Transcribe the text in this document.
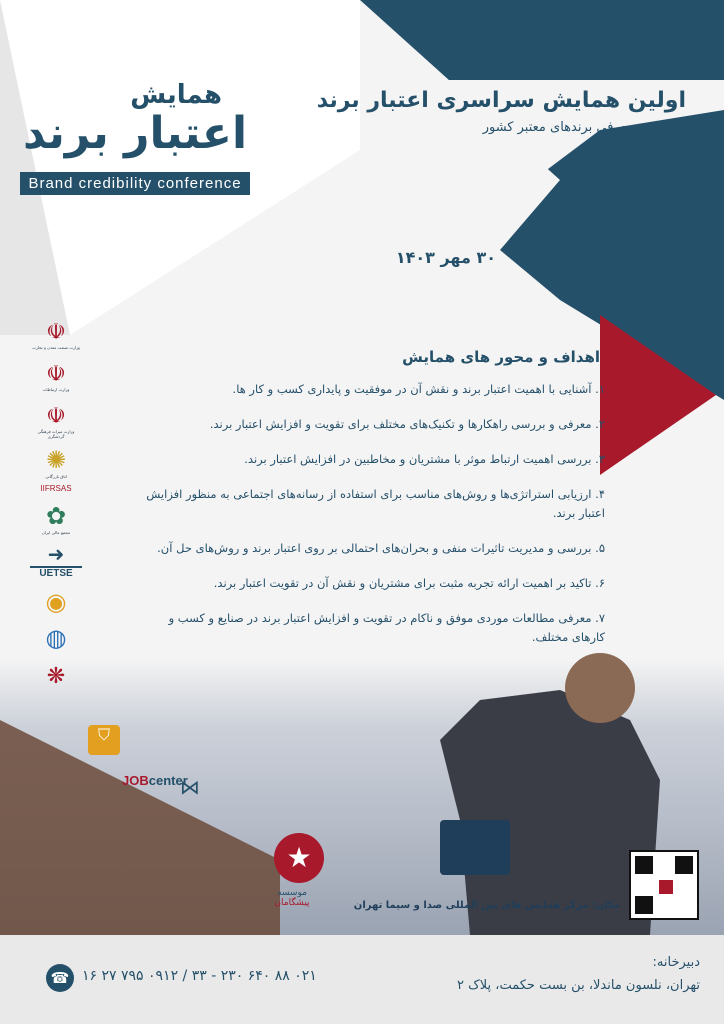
همایش
اعتبار برند
Brand credibility conference
اولین همایش سراسری اعتبار برند
با رویکرد معرفی برندهای معتبر کشور
۳۰ مهر ۱۴۰۳
اهداف و محور های همایش
۱. آشنایی با اهمیت اعتبار برند و نقش آن در موفقیت و پایداری کسب و کار ها.
۲. معرفی و بررسی راهکارها و تکنیک‌های مختلف برای تقویت و افزایش اعتبار برند.
۳. بررسی اهمیت ارتباط موثر با مشتریان و مخاطبین در افزایش اعتبار برند.
۴. ارزیابی استراتژی‌ها و روش‌های مناسب برای استفاده از رسانه‌های اجتماعی به منظور افزایش اعتبار برند.
۵. بررسی و مدیریت تاثیرات منفی و بحران‌های احتمالی بر روی اعتبار برند و روش‌های حل آن.
۶. تاکید بر اهمیت ارائه تجربه مثبت برای مشتریان و نقش آن در تقویت اعتبار برند.
۷. معرفی مطالعات موردی موفق و ناکام در تقویت و افزایش اعتبار برند در صنایع و کسب و کارهای مختلف.
☫
وزارت صنعت معدن و تجارت
☫
وزارت ارتباطات
☫
وزارت میراث فرهنگی گردشگری
✺
اتاق بازرگانی
IIFRSAS
✿
مجمع عالی ایران
➜
UETSE
◉
◍
❋
⛉
JOBcenter
⋈
★
موسسه
پیشگامان	مکان: مرکز همایش های بین المللی صدا و سیما تهران
دبیرخانه:
تهران، نلسون ماندلا، بن بست حکمت، پلاک ۲
☎ ۰۲۱ ۸۸ ۶۴۰ ۲۳۰ - ۳۳ / ۰۹۱۲ ۷۹۵ ۲۷ ۱۶
